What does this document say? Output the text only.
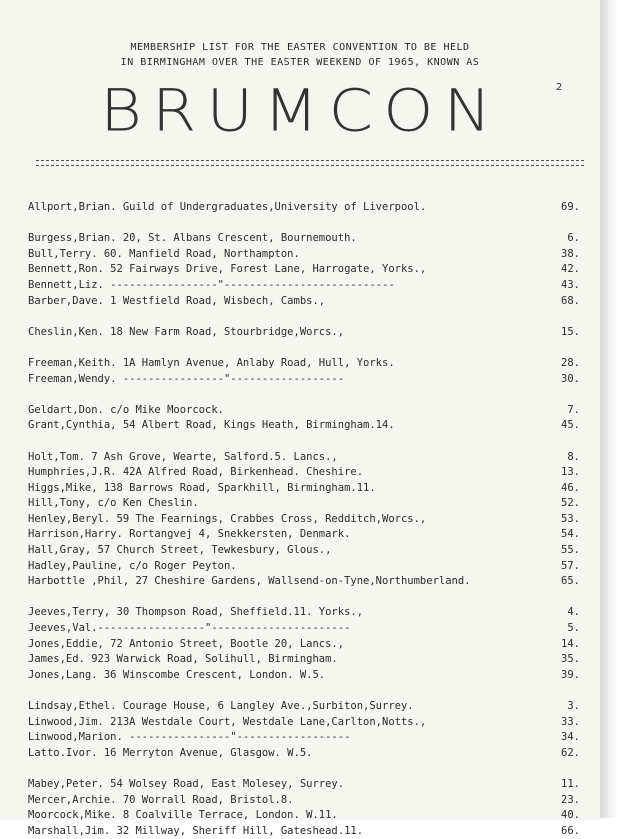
MEMBERSHIP LIST FOR THE EASTER CONVENTION TO BE HELD
IN BIRMINGHAM OVER THE EASTER WEEKEND OF 1965, KNOWN AS
BRUMCON	2
Allport,Brian. Guild of Undergraduates,University of Liverpool.	69.
Burgess,Brian. 20, St. Albans Crescent, Bournemouth.	6.
Bull,Terry. 60. Manfield Road, Northampton.	38.
Bennett,Ron. 52 Fairways Drive, Forest Lane, Harrogate, Yorks.,	42.
Bennett,Liz. -----------------"---------------------------	43.
Barber,Dave. 1 Westfield Road, Wisbech, Cambs.,	68.
Cheslin,Ken. 18 New Farm Road, Stourbridge,Worcs.,	15.
Freeman,Keith. 1A Hamlyn Avenue, Anlaby Road, Hull, Yorks.	28.
Freeman,Wendy. ----------------"------------------	30.
Geldart,Don. c/o Mike Moorcock.	7.
Grant,Cynthia, 54 Albert Road, Kings Heath, Birmingham.14.	45.
Holt,Tom. 7 Ash Grove, Wearte, Salford.5. Lancs.,	8.
Humphries,J.R. 42A Alfred Road, Birkenhead. Cheshire.	13.
Higgs,Mike, 138 Barrows Road, Sparkhill, Birmingham.11.	46.
Hill,Tony, c/o Ken Cheslin.	52.
Henley,Beryl. 59 The Fearnings, Crabbes Cross, Redditch,Worcs.,	53.
Harrison,Harry. Rortangvej 4, Snekkersten, Denmark.	54.
Hall,Gray, 57 Church Street, Tewkesbury, Glous.,	55.
Hadley,Pauline, c/o Roger Peyton.	57.
Harbottle ,Phil, 27 Cheshire Gardens, Wallsend-on-Tyne,Northumberland.	65.
Jeeves,Terry, 30 Thompson Road, Sheffield.11. Yorks.,	4.
Jeeves,Val.-----------------"----------------------	5.
Jones,Eddie, 72 Antonio Street, Bootle 20, Lancs.,	14.
James,Ed. 923 Warwick Road, Solihull, Birmingham.	35.
Jones,Lang. 36 Winscombe Crescent, London. W.5.	39.
Lindsay,Ethel. Courage House, 6 Langley Ave.,Surbiton,Surrey.	3.
Linwood,Jim. 213A Westdale Court, Westdale Lane,Carlton,Notts.,	33.
Linwood,Marion. ----------------"------------------	34.
Latto.Ivor. 16 Merryton Avenue, Glasgow. W.5.	62.
Mabey,Peter. 54 Wolsey Road, East Molesey, Surrey.	11.
Mercer,Archie. 70 Worrall Road, Bristol.8.	23.
Moorcock,Mike. 8 Coalville Terrace, London. W.11.	40.
Marshall,Jim. 32 Millway, Sheriff Hill, Gateshead.11.	66.
